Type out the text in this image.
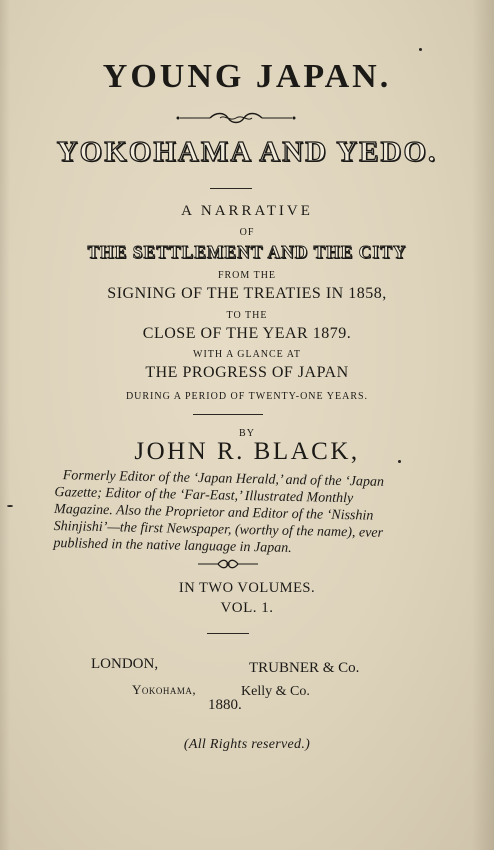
YOUNG JAPAN.
YOKOHAMA AND YEDO.
A NARRATIVE
OF
THE SETTLEMENT AND THE CITY
FROM THE
SIGNING OF THE TREATIES IN 1858,
TO THE
CLOSE OF THE YEAR 1879.
WITH A GLANCE AT
THE PROGRESS OF JAPAN
DURING A PERIOD OF TWENTY-ONE YEARS.
BY
JOHN R. BLACK,
Formerly Editor of the ‘Japan Herald,’ and of the ‘Japan
Gazette; Editor of the ‘Far-East,’ Illustrated Monthly
Magazine. Also the Proprietor and Editor of the ‘Nisshin
Shinjishi’—the first Newspaper, (worthy of the name), ever
published in the native language in Japan.
IN TWO VOLUMES.
VOL. 1.
LONDON,	TRUBNER & Co.
Yokohama,	Kelly & Co.
1880.
(All Rights reserved.)
